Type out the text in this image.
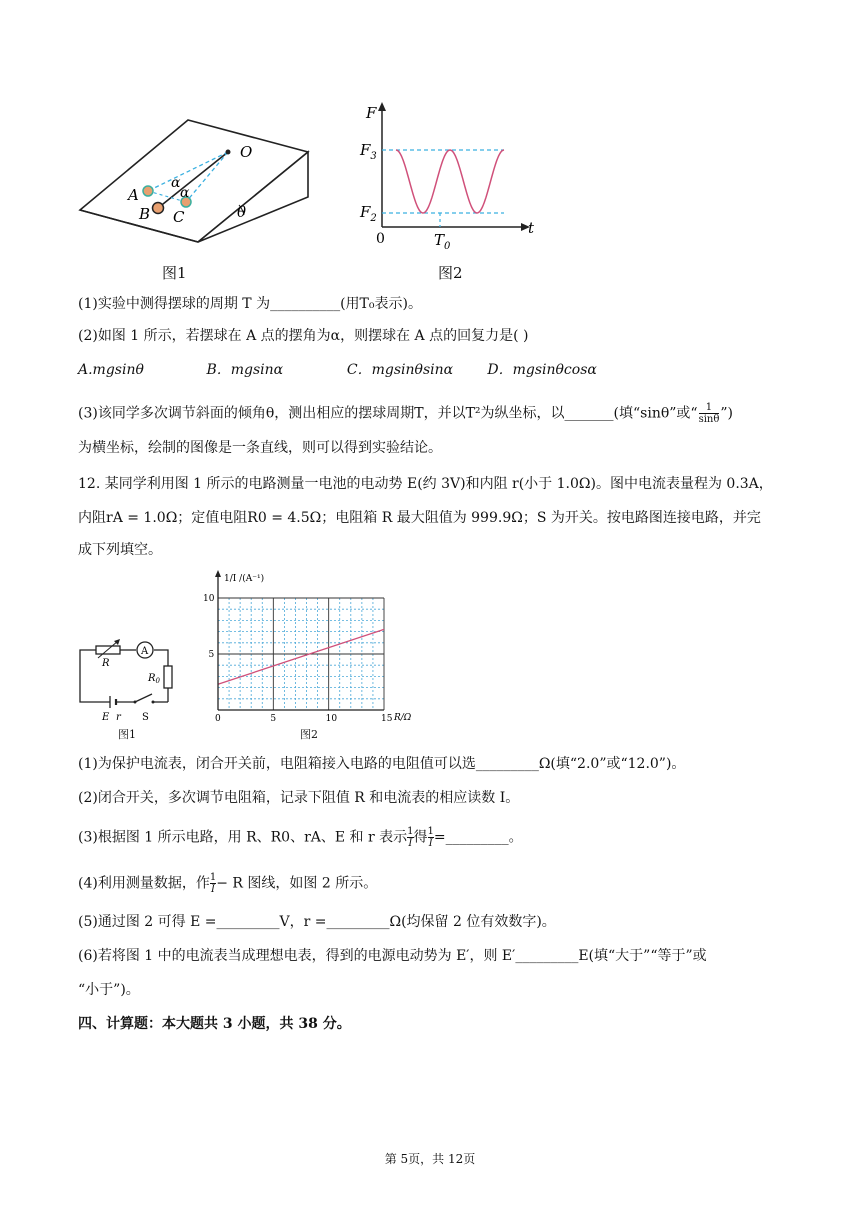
O
A
B C
α
α
θ
图1
F
$F_3$
$F_2$
0	$T_0$
t
图2
(1)实验中测得摆球的周期 T 为__________(用T₀表示)。
(2)如图 1 所示，若摆球在 A 点的摆角为α，则摆球在 A 点的回复力是( )
A.mgsinθ	B．mgsinα	C．mgsinθsinα D．mgsinθcosα
(3)该同学多次调节斜面的倾角θ，测出相应的摆球周期T，并以T²为纵坐标，以_______(填“sinθ”或“ $\frac{1}{\sin\theta}$ ”)
为横坐标，绘制的图像是一条直线，则可以得到实验结论。
12. 某同学利用图 1 所示的电路测量一电池的电动势 E(约 3V)和内阻 r(小于 1.0Ω)。图中电流表量程为 0.3A，
内阻rA = 1.0Ω；定值电阻R0 = 4.5Ω；电阻箱 R 最大阻值为 999.9Ω；S 为开关。按电路图连接电路，并完
成下列填空。
A
R
$R_0$
E r S
图1
0	5	10	15
5
10
1/I /(A⁻¹)
R/Ω
图2
(1)为保护电流表，闭合开关前，电阻箱接入电路的电阻值可以选_________Ω(填“2.0”或“12.0”)。
(2)闭合开关，多次调节电阻箱，记录下阻值 R 和电流表的相应读数 I。
(3)根据图 1 所示电路，用 R、R0、rA、E 和 r 表示 $\frac{1}{I}$ 得 $\frac{1}{I}$ =_________。
(4)利用测量数据，作 $\frac{1}{I} - R$ 图线，如图 2 所示。
(5)通过图 2 可得 E =_________V，r =_________Ω(均保留 2 位有效数字)。
(6)若将图 1 中的电流表当成理想电表，得到的电源电动势为 E′，则 E′_________E(填“大于”“等于”或
“小于”)。
四、计算题：本大题共 3 小题，共 38 分。
第 5页，共 12页
